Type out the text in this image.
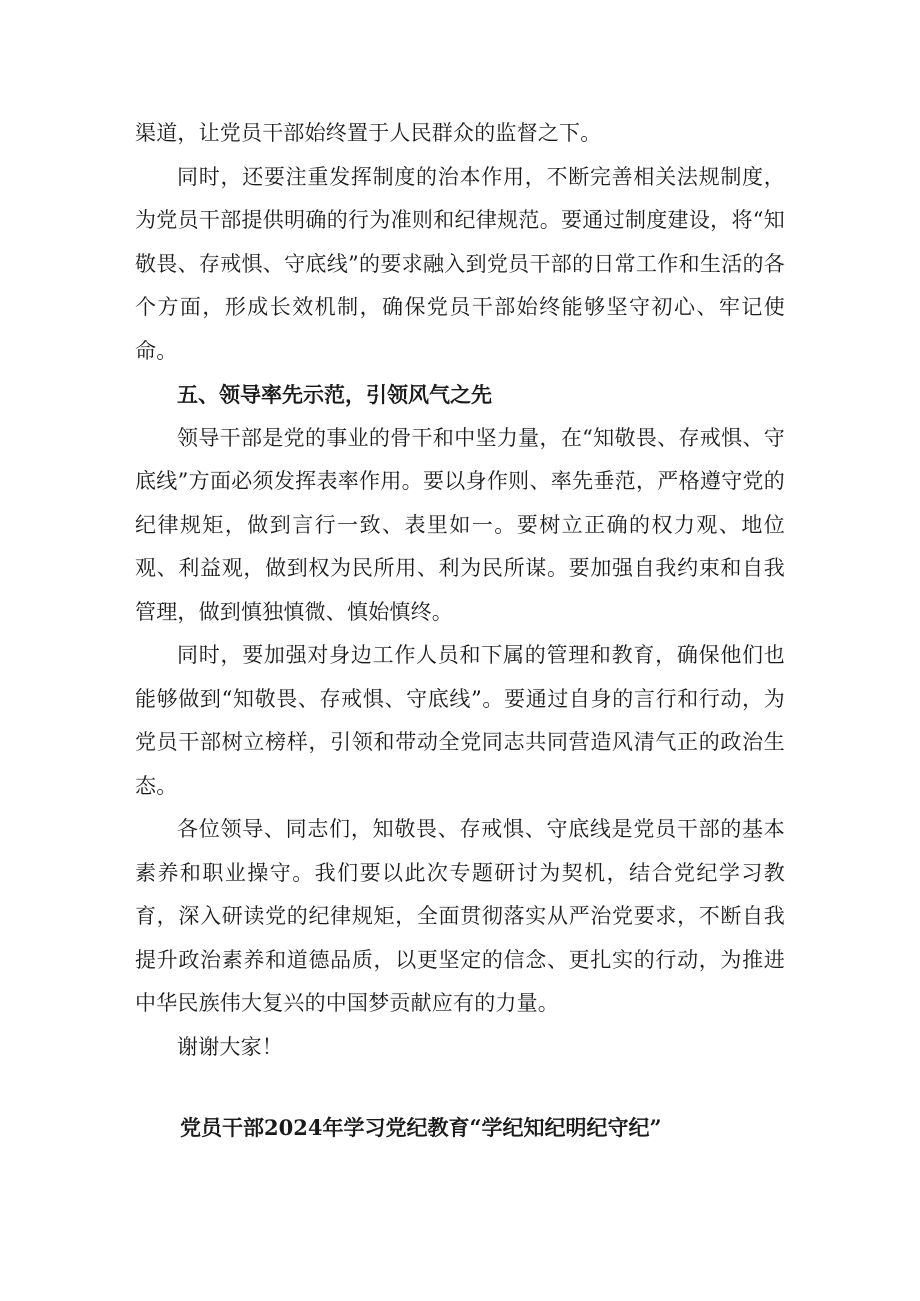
渠道，让党员干部始终置于人民群众的监督之下。

同时，还要注重发挥制度的治本作用，不断完善相关法规制度，为党员干部提供明确的行为准则和纪律规范。要通过制度建设，将“知敬畏、存戒惧、守底线”的要求融入到党员干部的日常工作和生活的各个方面，形成长效机制，确保党员干部始终能够坚守初心、牢记使命。

五、领导率先示范，引领风气之先

领导干部是党的事业的骨干和中坚力量，在“知敬畏、存戒惧、守底线”方面必须发挥表率作用。要以身作则、率先垂范，严格遵守党的纪律规矩，做到言行一致、表里如一。要树立正确的权力观、地位观、利益观，做到权为民所用、利为民所谋。要加强自我约束和自我管理，做到慎独慎微、慎始慎终。

同时，要加强对身边工作人员和下属的管理和教育，确保他们也能够做到“知敬畏、存戒惧、守底线”。要通过自身的言行和行动，为党员干部树立榜样，引领和带动全党同志共同营造风清气正的政治生态。

各位领导、同志们，知敬畏、存戒惧、守底线是党员干部的基本素养和职业操守。我们要以此次专题研讨为契机，结合党纪学习教育，深入研读党的纪律规矩，全面贯彻落实从严治党要求，不断自我提升政治素养和道德品质，以更坚定的信念、更扎实的行动，为推进中华民族伟大复兴的中国梦贡献应有的力量。

谢谢大家！

党员干部2024年学习党纪教育“学纪知纪明纪守纪”
